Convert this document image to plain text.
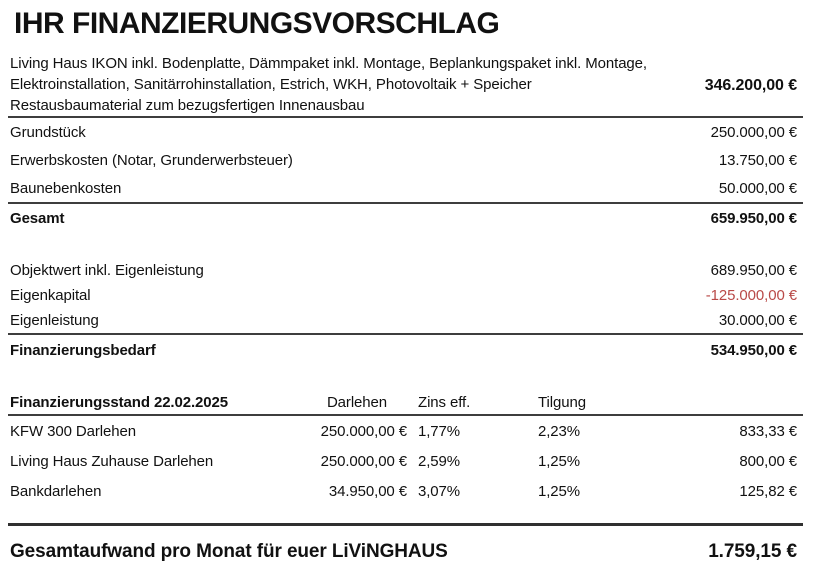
IHR FINANZIERUNGSVORSCHLAG
Living Haus IKON inkl. Bodenplatte, Dämmpaket inkl. Montage, Beplankungspaket inkl. Montage,
Elektroinstallation, Sanitärrohinstallation, Estrich, WKH, Photovoltaik + Speicher
Restausbaumaterial zum bezugsfertigen Innenausbau
346.200,00 €
Grundstück	250.000,00 €
Erwerbskosten (Notar, Grunderwerbsteuer)	13.750,00 €
Baunebenkosten	50.000,00 €
Gesamt	659.950,00 €
Objektwert inkl. Eigenleistung	689.950,00 €
Eigenkapital	-125.000,00 €
Eigenleistung	30.000,00 €
Finanzierungsbedarf	534.950,00 €
Finanzierungsstand 22.02.2025	Darlehen	Zins eff.	Tilgung
KFW 300 Darlehen	250.000,00 € 1,77%	2,23%	833,33 €
Living Haus Zuhause Darlehen	250.000,00 € 2,59%	1,25%	800,00 €
Bankdarlehen	34.950,00 € 3,07%	1,25%	125,82 €
Gesamtaufwand pro Monat für euer LiViNGHAUS	1.759,15 €
